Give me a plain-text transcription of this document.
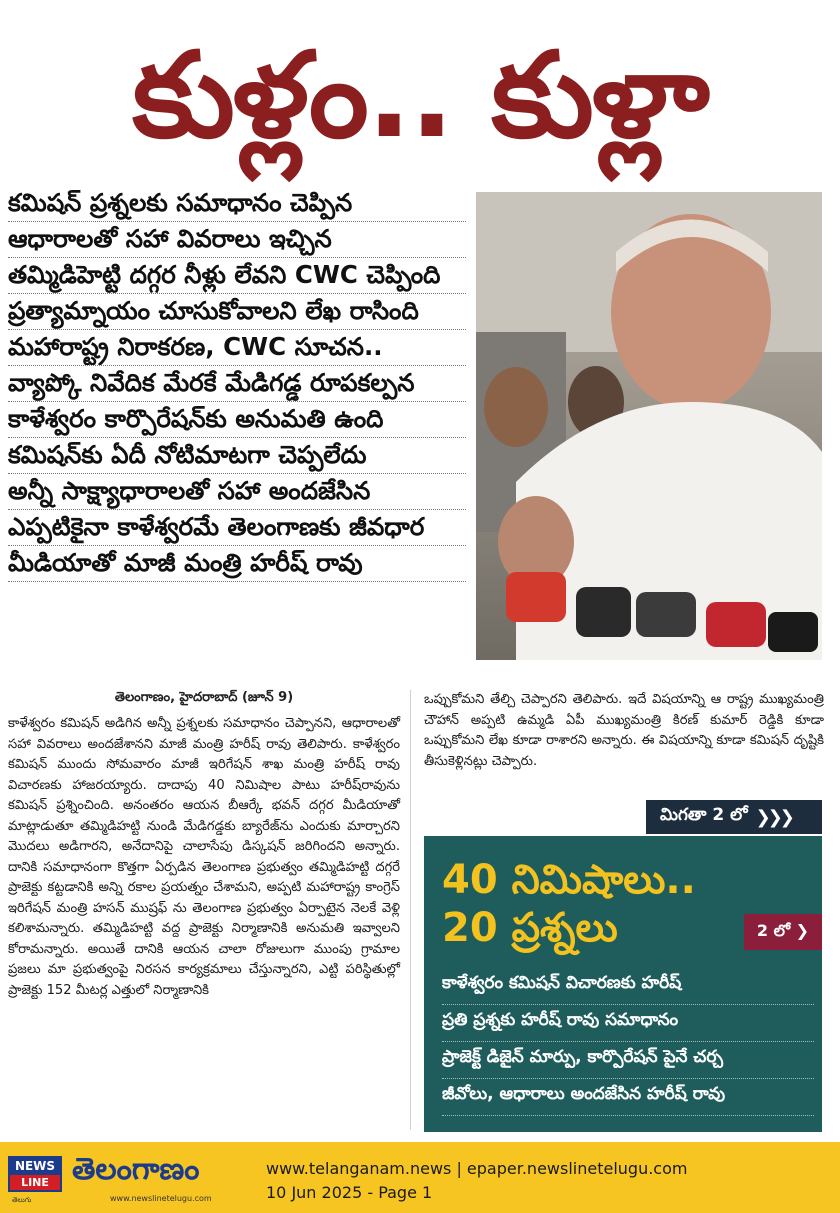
కుళ్లం.. కుళ్లా
కమిషన్ ప్రశ్నలకు సమాధానం చెప్పిన
ఆధారాలతో సహా వివరాలు ఇచ్చిన
తమ్మిడిహెట్టి దగ్గర నీళ్లు లేవని CWC చెప్పింది
ప్రత్యామ్నాయం చూసుకోవాలని లేఖ రాసింది
మహారాష్ట్ర నిరాకరణ, CWC సూచన..
వ్యాప్కో నివేదిక మేరకే మేడిగడ్డ రూపకల్పన
కాళేశ్వరం కార్పొరేషన్‌కు అనుమతి ఉంది
కమిషన్‌కు ఏదీ నోటిమాటగా చెప్పలేదు
అన్నీ సాక్ష్యాధారాలతో సహా అందజేసిన
ఎప్పటికైనా కాళేశ్వరమే తెలంగాణకు జీవధార
మీడియాతో మాజీ మంత్రి హరీష్ రావు
తెలంగాణం, హైదరాబాద్ (జూన్ 9)
కాళేశ్వరం కమిషన్ అడిగిన అన్నీ ప్రశ్నలకు సమాధానం చెప్పానని, ఆధారాలతో సహా వివరాలు అందజేశానని మాజీ మంత్రి హరీష్ రావు తెలిపారు. కాళేశ్వరం కమిషన్ ముందు సోమవారం మాజీ ఇరిగేషన్ శాఖ మంత్రి హరీష్ రావు విచారణకు హాజరయ్యారు. దాదాపు 40 నిమిషాల పాటు హరీష్‌రావును కమిషన్ ప్రశ్నించింది. అనంతరం ఆయన బీఆర్కే భవన్ దగ్గర మీడియాతో మాట్లాడుతూ తమ్మిడిహట్టి నుండి మేడిగడ్డకు బ్యారేజ్‌ను ఎందుకు మార్చారని మొదలు అడిగారని, అనేదానిపై చాలాసేపు డిస్కషన్ జరిగిందని అన్నారు. దానికి సమాధానంగా కొత్తగా ఏర్పడిన తెలంగాణ ప్రభుత్వం తమ్మిడిహట్టి దగ్గరే ప్రాజెక్టు కట్టడానికి అన్ని రకాల ప్రయత్నం చేశామని, అప్పటి మహారాష్ట్ర కాంగ్రెస్ ఇరిగేషన్ మంత్రి హసన్ ముష్రఫ్ ను తెలంగాణ ప్రభుత్వం ఏర్పాటైన నెలకే వెళ్లి కలిశామన్నారు. తమ్మిడిహట్టి వద్ద ప్రాజెక్టు నిర్మాణానికి అనుమతి ఇవ్వాలని కోరామన్నారు. అయితే దానికి ఆయన చాలా రోజులుగా ముంపు గ్రామాల ప్రజలు మా ప్రభుత్వంపై నిరసన కార్యక్రమాలు చేస్తున్నారని, ఎట్టి పరిస్థితుల్లో ప్రాజెక్టు 152 మీటర్ల ఎత్తులో నిర్మాణానికి
ఒప్పుకోమని తేల్చి చెప్పారని తెలిపారు. ఇదే విషయాన్ని ఆ రాష్ట్ర ముఖ్యమంత్రి చౌహాన్ అప్పటి ఉమ్మడి ఏపీ ముఖ్యమంత్రి కిరణ్ కుమార్ రెడ్డికి కూడా ఒప్పుకోమని లేఖ కూడా రాశారని అన్నారు. ఈ విషయాన్ని కూడా కమిషన్ దృష్టికి తీసుకెళ్లినట్లు చెప్పారు.
మిగతా 2 లో ❯❯❯
40 నిమిషాలు..
20 ప్రశ్నలు	2 లో ❯
కాళేశ్వరం కమిషన్ విచారణకు హరీష్
ప్రతి ప్రశ్నకు హరీష్ రావు సమాధానం
ప్రాజెక్ట్ డిజైన్ మార్పు, కార్పొరేషన్ పైనే చర్చ
జీవోలు, ఆధారాలు అందజేసిన హరీష్ రావు
NEWS
LINE
తెలుగు
తెలంగాణం
www.newslinetelugu.com
www.telanganam.news | epaper.newslinetelugu.com
10 Jun 2025 - Page 1
